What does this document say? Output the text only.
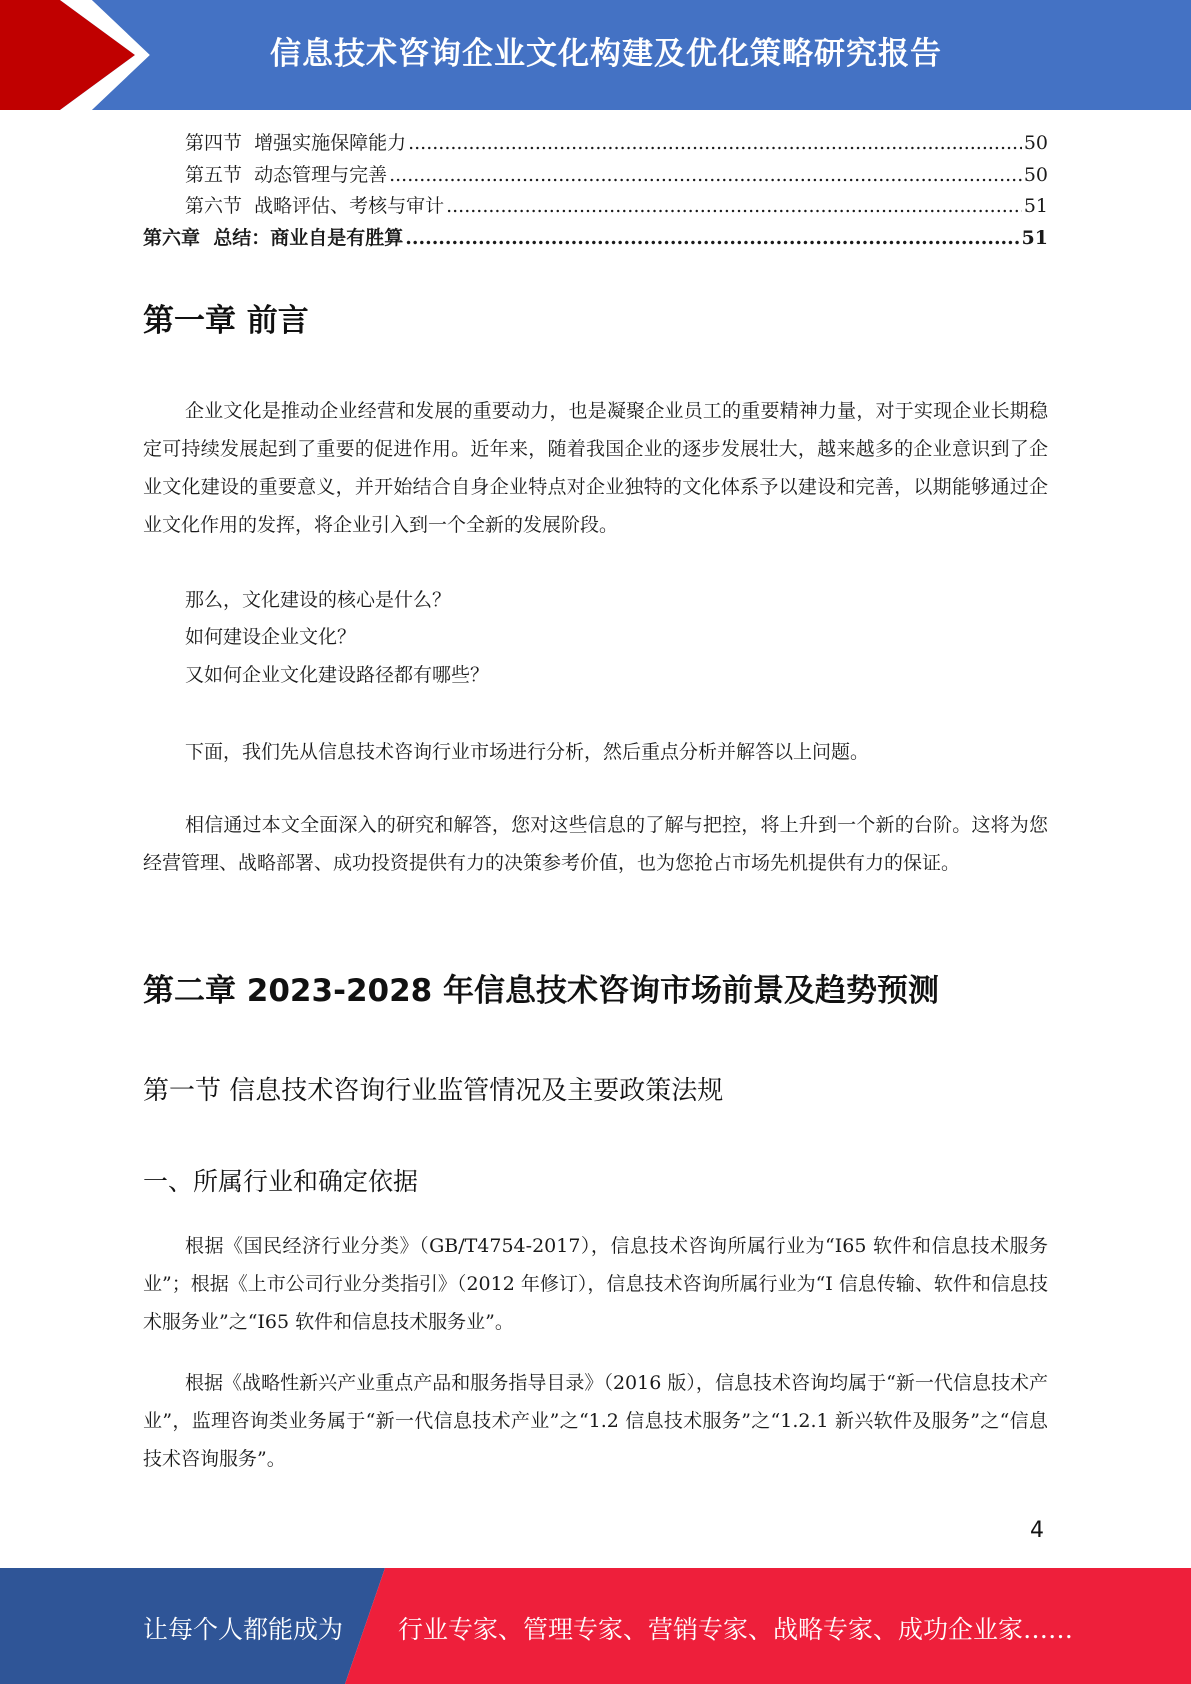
信息技术咨询企业文化构建及优化策略研究报告
第四节  增强实施保障能力 .....	50
第五节  动态管理与完善 .....	50
第六节  战略评估、考核与审计 .....	51
第六章  总结：商业自是有胜算 .....	51
第一章 前言

企业文化是推动企业经营和发展的重要动力，也是凝聚企业员工的重要精神力量，对于实现企业长期稳定可持续发展起到了重要的促进作用。近年来，随着我国企业的逐步发展壮大，越来越多的企业意识到了企业文化建设的重要意义，并开始结合自身企业特点对企业独特的文化体系予以建设和完善，以期能够通过企业文化作用的发挥，将企业引入到一个全新的发展阶段。

那么，文化建设的核心是什么？
如何建设企业文化？
又如何企业文化建设路径都有哪些？
下面，我们先从信息技术咨询行业市场进行分析，然后重点分析并解答以上问题。

相信通过本文全面深入的研究和解答，您对这些信息的了解与把控，将上升到一个新的台阶。这将为您经营管理、战略部署、成功投资提供有力的决策参考价值，也为您抢占市场先机提供有力的保证。

第二章 2023-2028 年信息技术咨询市场前景及趋势预测
第一节 信息技术咨询行业监管情况及主要政策法规
一、所属行业和确定依据

根据《国民经济行业分类》（GB/T4754-2017），信息技术咨询所属行业为“I65 软件和信息技术服务业”；根据《上市公司行业分类指引》（2012 年修订），信息技术咨询所属行业为“I 信息传输、软件和信息技术服务业”之“I65 软件和信息技术服务业”。

根据《战略性新兴产业重点产品和服务指导目录》（2016 版），信息技术咨询均属于“新一代信息技术产业”，监理咨询类业务属于“新一代信息技术产业”之“1.2 信息技术服务”之“1.2.1 新兴软件及服务”之“信息技术咨询服务”。

4
让每个人都能成为 行业专家、管理专家、营销专家、战略专家、成功企业家……
